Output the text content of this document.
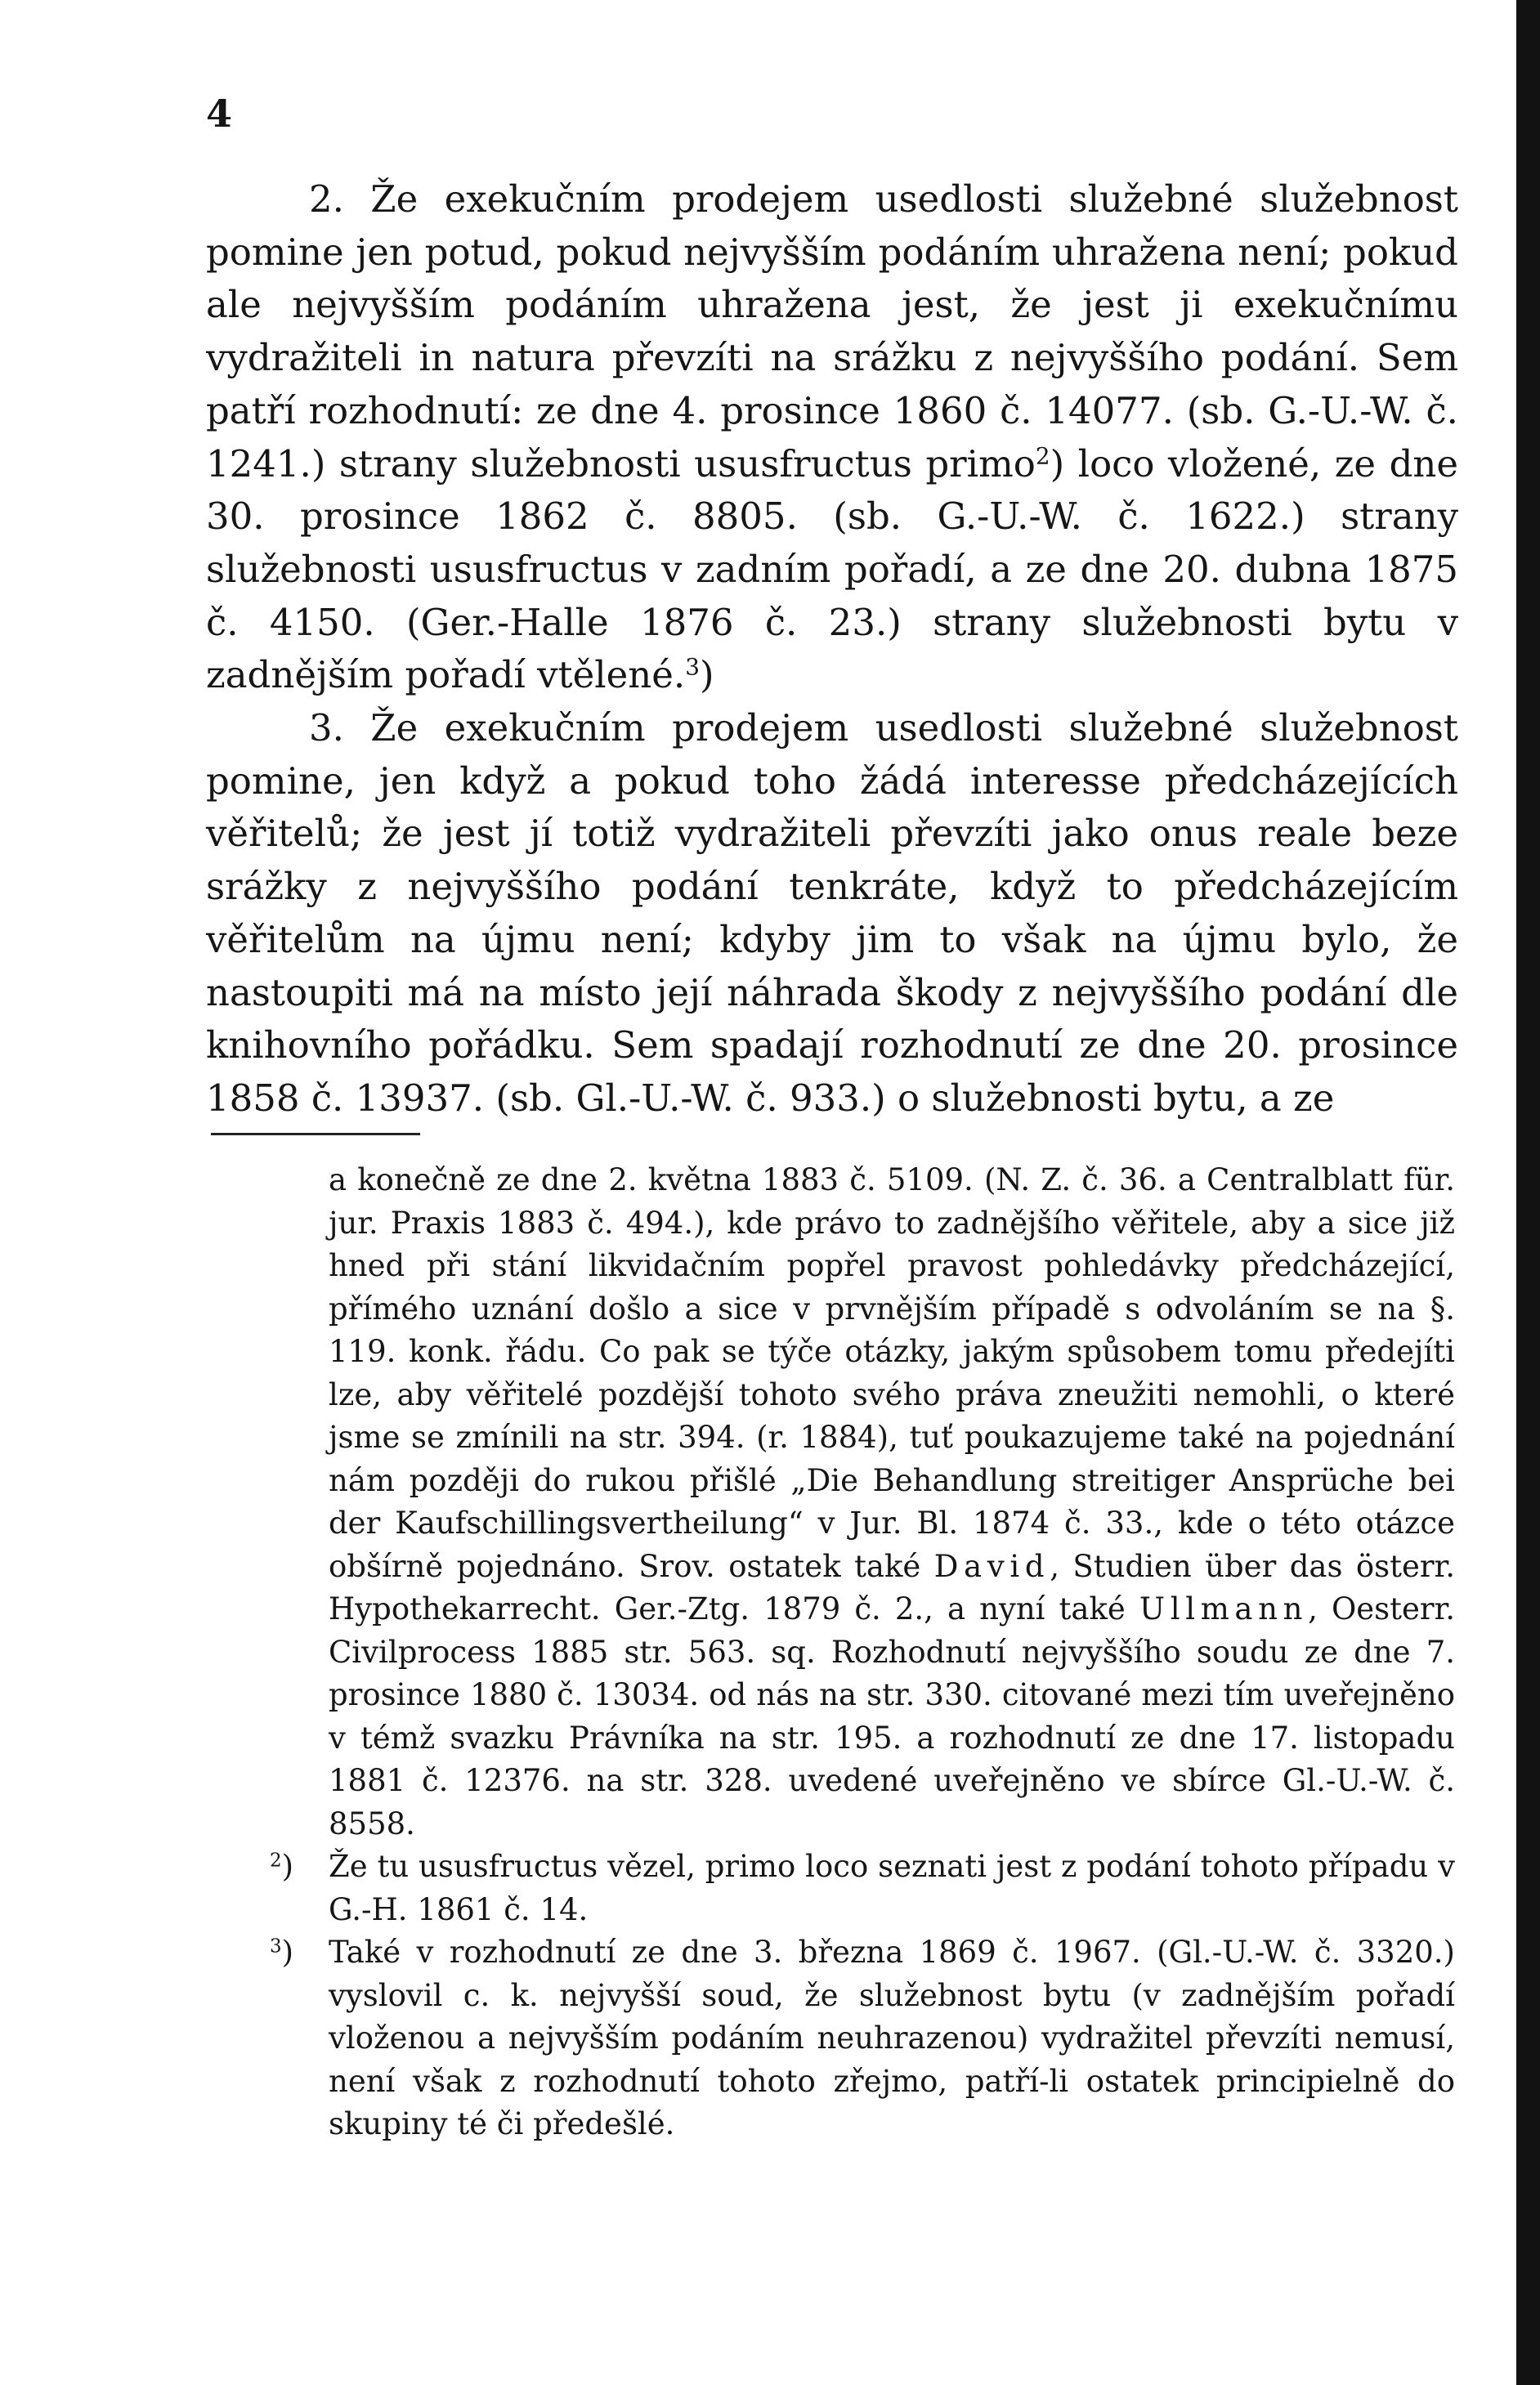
4

2. Že exekučním prodejem usedlosti služebné služebnost pomine jen potud, pokud nejvyšším podáním uhražena není; pokud ale nejvyšším podáním uhražena jest, že jest ji exekučnímu vydražiteli in natura převzíti na srážku z nejvyššího podání. Sem patří rozhodnutí: ze dne 4. prosince 1860 č. 14077. (sb. G.-U.-W. č. 1241.) strany služebnosti ususfructus primo$^2$) loco vložené, ze dne 30. prosince 1862 č. 8805. (sb. G.-U.-W. č. 1622.) strany služebnosti ususfructus v zadním pořadí, a ze dne 20. dubna 1875 č. 4150. (Ger.-Halle 1876 č. 23.) strany služebnosti bytu v zadnějším pořadí vtělené.$^3$)

3. Že exekučním prodejem usedlosti služebné služebnost pomine, jen když a pokud toho žádá interesse předcházejících věřitelů; že jest jí totiž vydražiteli převzíti jako onus reale beze srážky z nejvyššího podání tenkráte, když to předcházejícím věřitelům na újmu není; kdyby jim to však na újmu bylo, že nastoupiti má na místo její náhrada škody z nejvyššího podání dle knihovního pořádku. Sem spadají rozhodnutí ze dne 20. prosince 1858 č. 13937. (sb. Gl.-U.-W. č. 933.) o služebnosti bytu, a ze

a konečně ze dne 2. května 1883 č. 5109. (N. Z. č. 36. a Centralblatt für. jur. Praxis 1883 č. 494.), kde právo to zadnějšího věřitele, aby a sice již hned při stání likvidačním popřel pravost pohledávky předcházející, přímého uznání došlo a sice v prvnějším případě s odvoláním se na §. 119. konk. řádu. Co pak se týče otázky, jakým spůsobem tomu předejíti lze, aby věřitelé pozdější tohoto svého práva zneužiti nemohli, o které jsme se zmínili na str. 394. (r. 1884), tuť poukazujeme také na pojednání nám později do rukou přišlé „Die Behandlung streitiger Ansprüche bei der Kaufschillingsvertheilung“ v Jur. Bl. 1874 č. 33., kde o této otázce obšírně pojednáno. Srov. ostatek také David, Studien über das österr. Hypothekarrecht. Ger.-Ztg. 1879 č. 2., a nyní také Ullmann, Oesterr. Civilprocess 1885 str. 563. sq. Rozhodnutí nejvyššího soudu ze dne 7. prosince 1880 č. 13034. od nás na str. 330. citované mezi tím uveřejněno v témž svazku Právníka na str. 195. a rozhodnutí ze dne 17. listopadu 1881 č. 12376. na str. 328. uvedené uveřejněno ve sbírce Gl.-U.-W. č. 8558.

$^2$) Že tu ususfructus vězel, primo loco seznati jest z podání tohoto případu v G.-H. 1861 č. 14.

$^3$) Také v rozhodnutí ze dne 3. března 1869 č. 1967. (Gl.-U.-W. č. 3320.) vyslovil c. k. nejvyšší soud, že služebnost bytu (v zadnějším pořadí vloženou a nejvyšším podáním neuhrazenou) vydražitel převzíti nemusí, není však z rozhodnutí tohoto zřejmo, patří-li ostatek principielně do skupiny té či předešlé.
